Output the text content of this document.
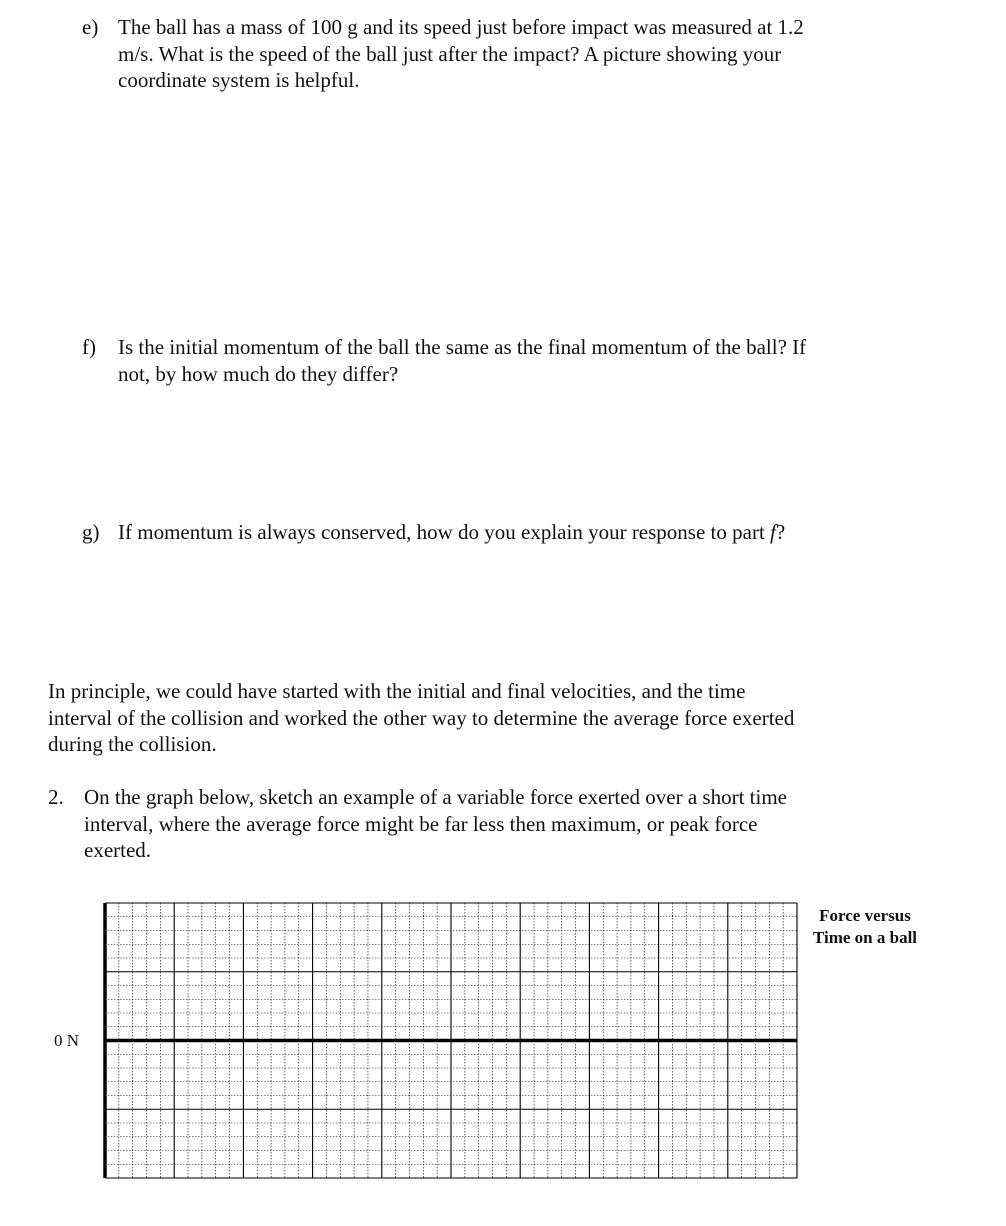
e) The ball has a mass of 100 g and its speed just before impact was measured at 1.2
m/s. What is the speed of the ball just after the impact? A picture showing your
coordinate system is helpful.
f) Is the initial momentum of the ball the same as the final momentum of the ball? If
not, by how much do they differ?
g) If momentum is always conserved, how do you explain your response to part f?
In principle, we could have started with the initial and final velocities, and the time
interval of the collision and worked the other way to determine the average force exerted
during the collision.
2. On the graph below, sketch an example of a variable force exerted over a short time
interval, where the average force might be far less then maximum, or peak force
exerted.
0 N
Force versus
Time on a ball
